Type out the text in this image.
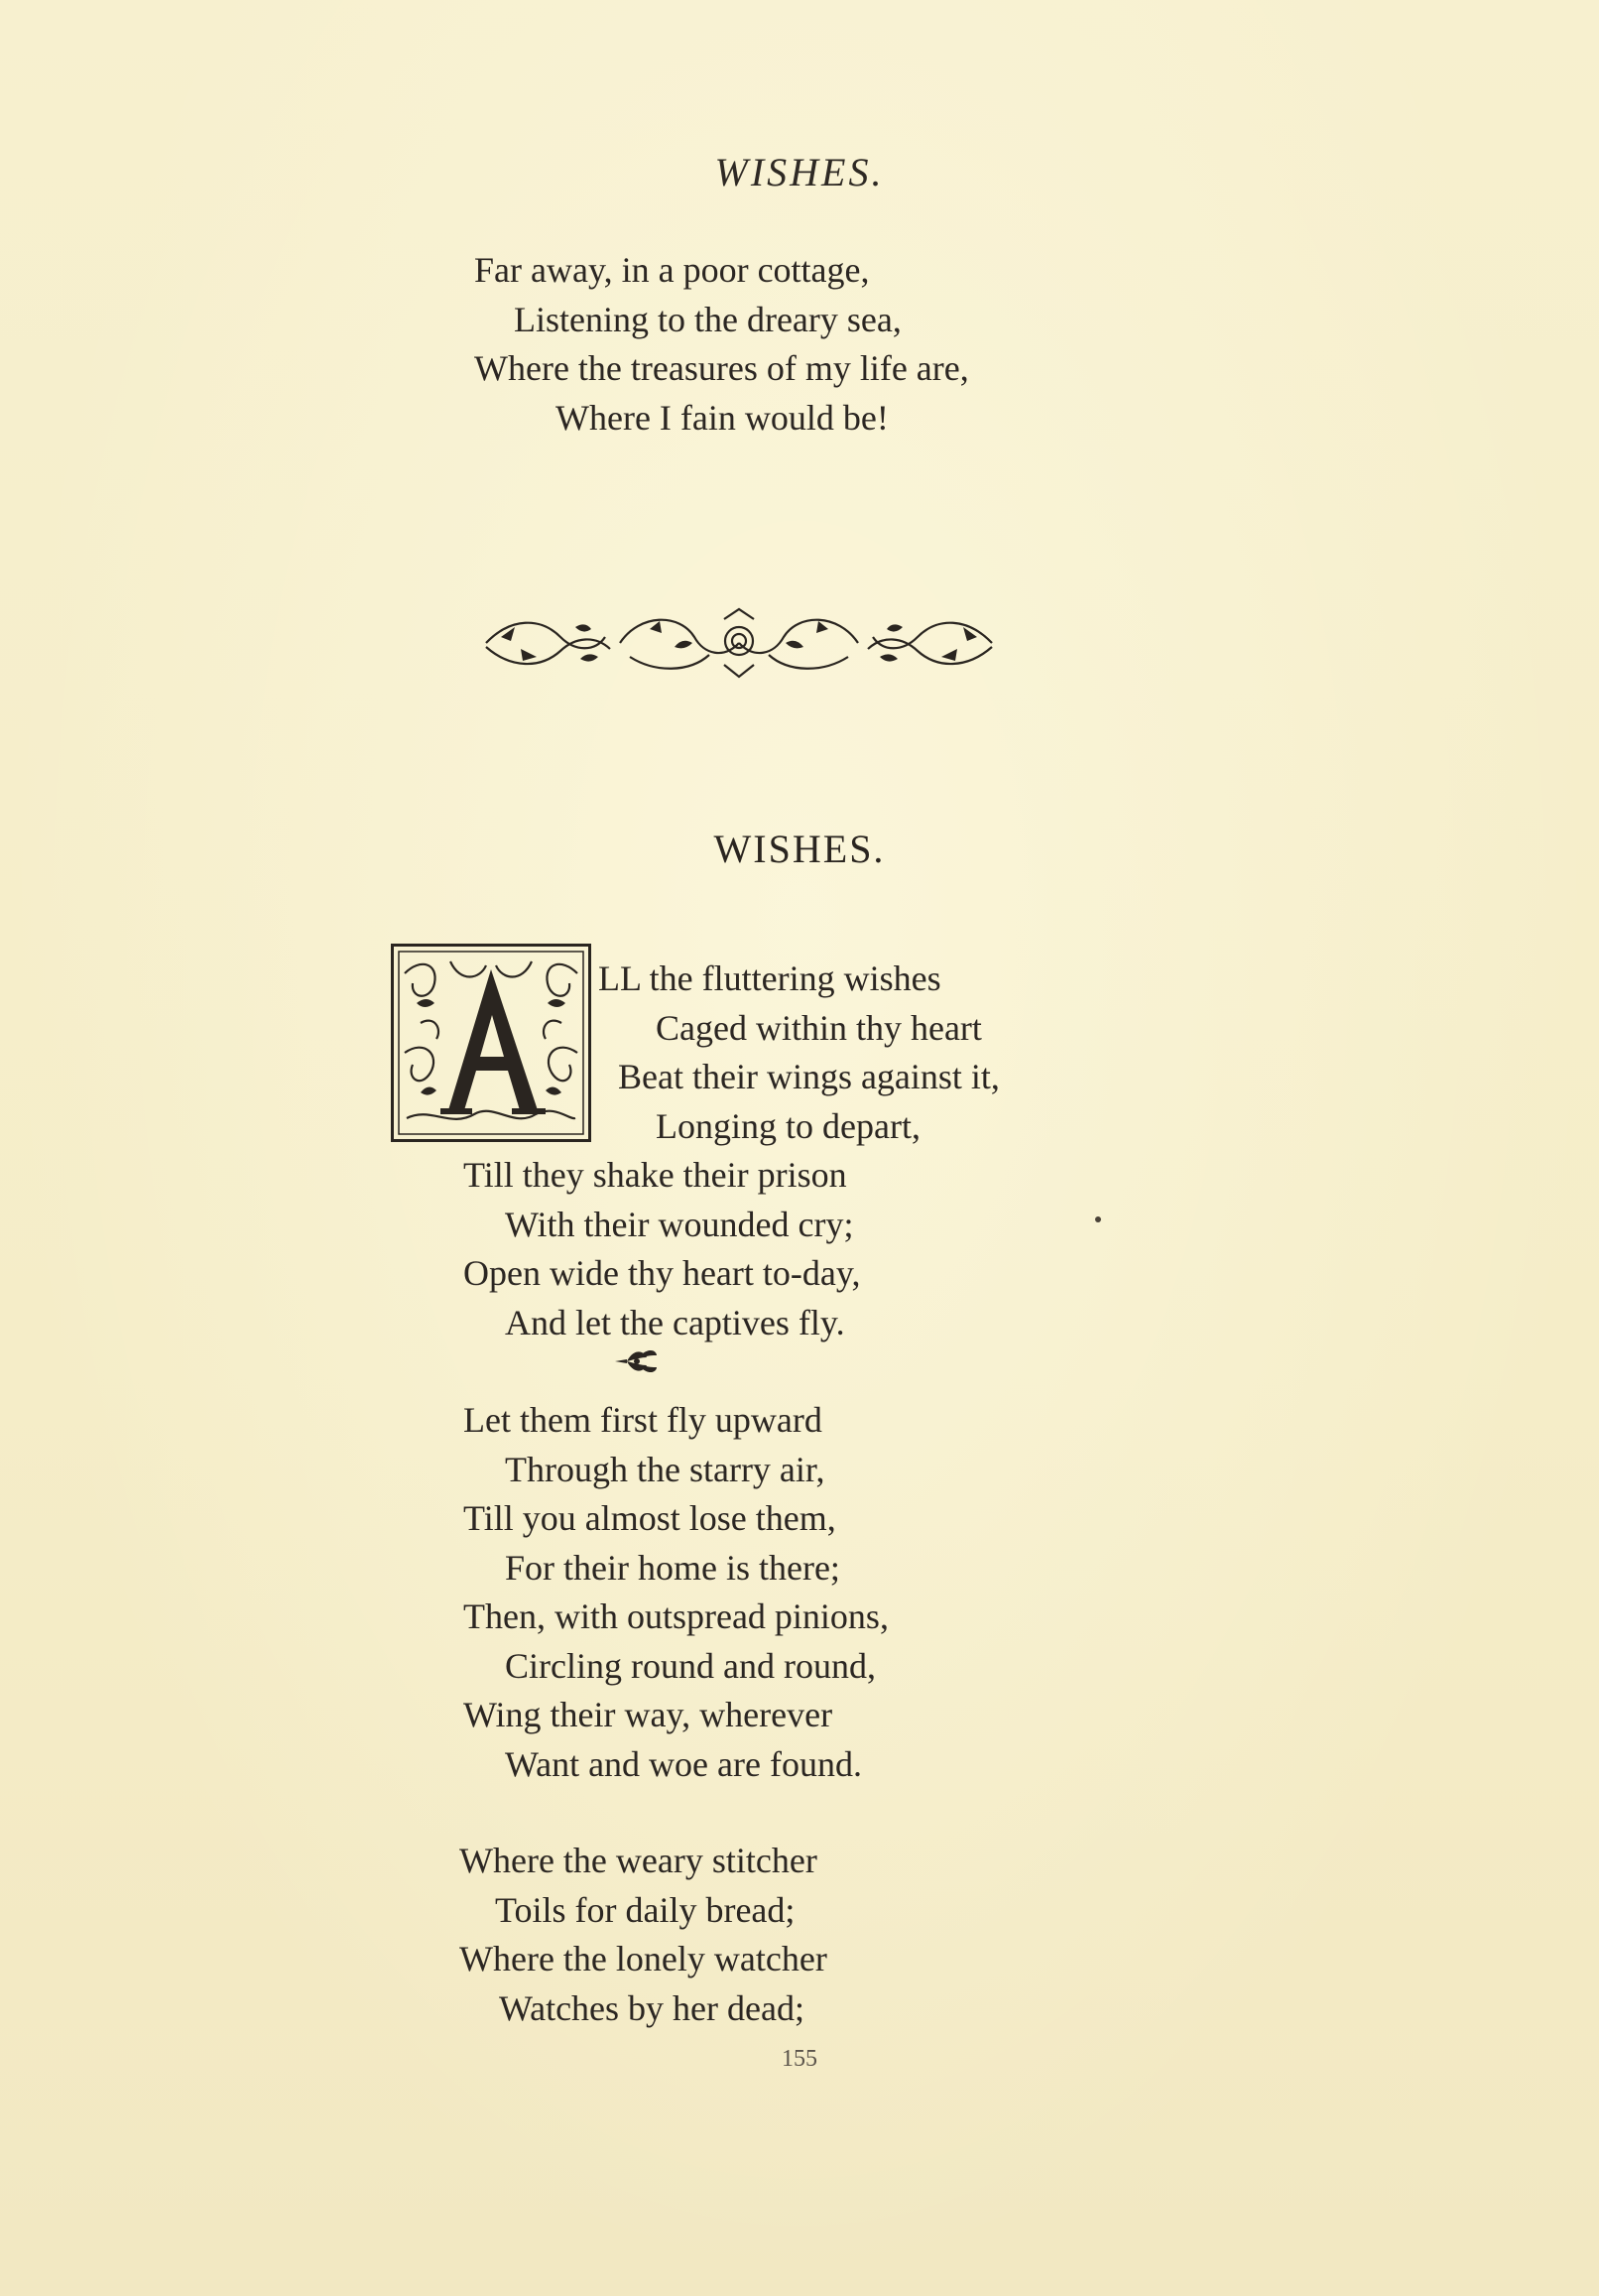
WISHES.
Far away, in a poor cottage,
Listening to the dreary sea,
Where the treasures of my life are,
Where I fain would be!
WISHES.
A
LL the fluttering wishes
Caged within thy heart
Beat their wings against it,
Longing to depart,
Till they shake their prison
With their wounded cry;
Open wide thy heart to-day,
And let the captives fly.
Let them first fly upward
Through the starry air,
Till you almost lose them,
For their home is there;
Then, with outspread pinions,
Circling round and round,
Wing their way, wherever
Want and woe are found.
Where the weary stitcher
Toils for daily bread;
Where the lonely watcher
Watches by her dead;
155
